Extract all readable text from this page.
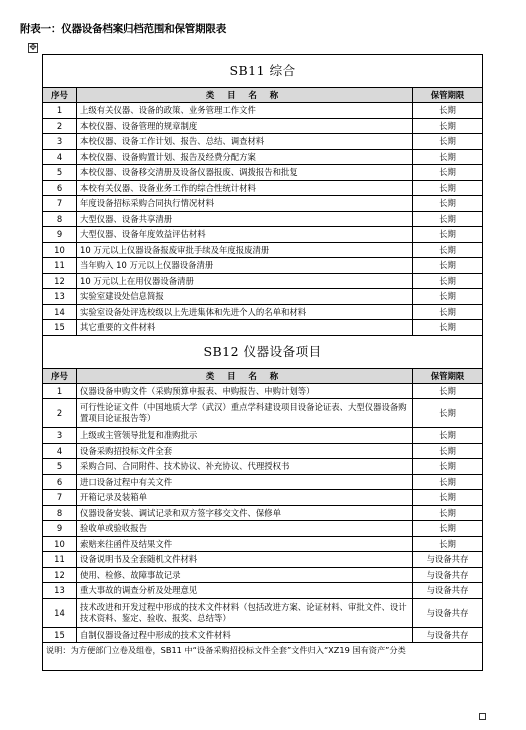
附表一：仪器设备档案归档范围和保管期限表
✥
SB11 综合		
序号	类 目 名 称	保管期限
1	上级有关仪器、设备的政策、业务管理工作文件	长期
2	本校仪器、设备管理的规章制度	长期
3	本校仪器、设备工作计划、报告、总结、调查材料	长期
4	本校仪器、设备购置计划、报告及经费分配方案	长期
5	本校仪器、设备移交清册及设备仪器报废、调拨报告和批复	长期
6	本校有关仪器、设备业务工作的综合性统计材料	长期
7	年度设备招标采购合同执行情况材料	长期
8	大型仪器、设备共享清册	长期
9	大型仪器、设备年度效益评估材料	长期
10	10 万元以上仪器设备报废审批手续及年度报废清册	长期
11	当年购入 10 万元以上仪器设备清册	长期
12	10 万元以上在用仪器设备清册	长期
13	实验室建设处信息简报	长期
14	实验室设备处评选校级以上先进集体和先进个人的名单和材料	长期
15	其它重要的文件材料	长期
SB12 仪器设备项目		
序号	类 目 名 称	保管期限
1	仪器设备申购文件（采购预算申报表、申购报告、申购计划等）	长期
2	可行性论证文件（中国地质大学（武汉）重点学科建设项目设备论证表、大型仪器设备购置项目论证报告等）	长期
3	上级或主管领导批复和准购批示	长期
4	设备采购招投标文件全套	长期
5	采购合同、合同附件、技术协议、补充协议、代理授权书	长期
6	进口设备过程中有关文件	长期
7	开箱记录及装箱单	长期
8	仪器设备安装、调试记录和双方签字移交文件、保修单	长期
9	验收单或验收报告	长期
10	索赔来往函件及结果文件	长期
11	设备说明书及全套随机文件材料	与设备共存
12	使用、检修、故障事故记录	与设备共存
13	重大事故的调查分析及处理意见	与设备共存
14	技术改进和开发过程中形成的技术文件材料（包括改进方案、论证材料、审批文件、设计技术资料、鉴定、验收、报奖、总结等）	与设备共存
15	自制仪器设备过程中形成的技术文件材料	与设备共存
说明：为方便部门立卷及组卷，SB11 中“设备采购招投标文件全套”文件归入“XZ19 国有资产”分类		
